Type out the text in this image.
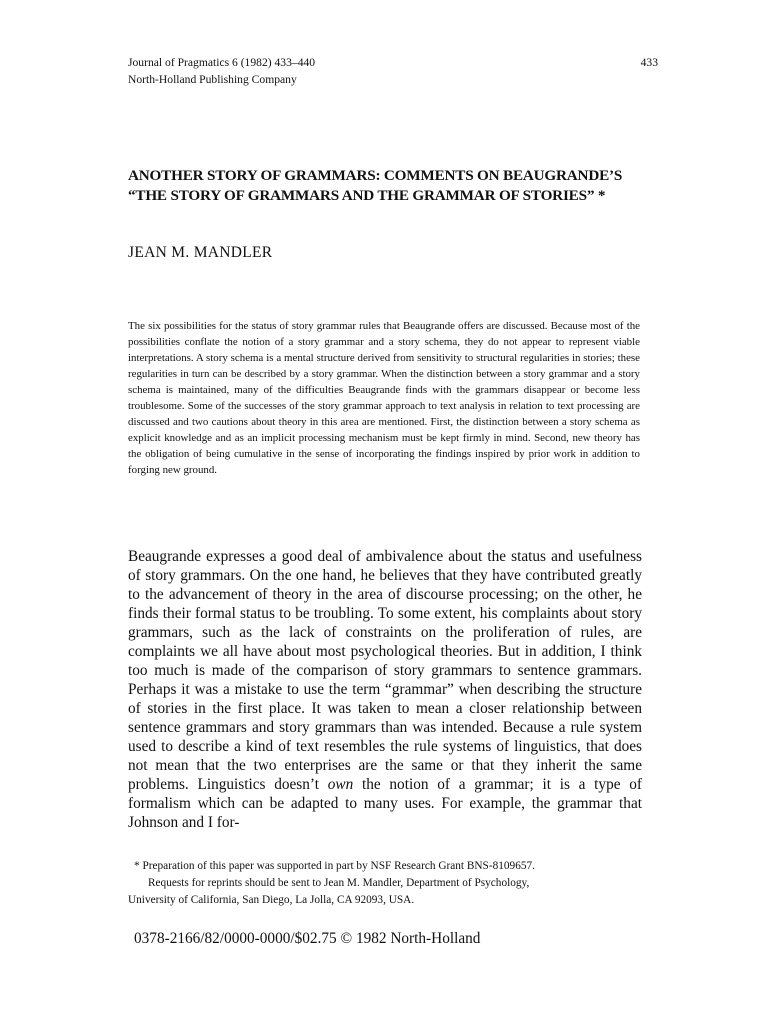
Journal of Pragmatics 6 (1982) 433–440
North-Holland Publishing Company
433
ANOTHER STORY OF GRAMMARS: COMMENTS ON BEAUGRANDE’S
“THE STORY OF GRAMMARS AND THE GRAMMAR OF STORIES” *
JEAN M. MANDLER
The six possibilities for the status of story grammar rules that Beaugrande offers are discussed. Because most of the possibilities conflate the notion of a story grammar and a story schema, they do not appear to represent viable interpretations. A story schema is a mental structure derived from sensitivity to structural regularities in stories; these regularities in turn can be described by a story grammar. When the distinction between a story grammar and a story schema is maintained, many of the difficulties Beaugrande finds with the grammars disappear or become less troublesome. Some of the successes of the story grammar approach to text analysis in relation to text processing are discussed and two cautions about theory in this area are mentioned. First, the distinction between a story schema as explicit knowledge and as an implicit processing mechanism must be kept firmly in mind. Second, new theory has the obligation of being cumulative in the sense of incorporating the findings inspired by prior work in addition to forging new ground.
Beaugrande expresses a good deal of ambivalence about the status and usefulness of story grammars. On the one hand, he believes that they have contributed greatly to the advancement of theory in the area of discourse processing; on the other, he finds their formal status to be troubling. To some extent, his complaints about story grammars, such as the lack of constraints on the proliferation of rules, are complaints we all have about most psychological theories. But in addition, I think too much is made of the comparison of story grammars to sentence grammars. Perhaps it was a mistake to use the term “grammar” when describing the structure of stories in the first place. It was taken to mean a closer relationship between sentence grammars and story grammars than was intended. Because a rule system used to describe a kind of text resembles the rule systems of linguistics, that does not mean that the two enterprises are the same or that they inherit the same problems. Linguistics doesn’t own the notion of a grammar; it is a type of formalism which can be adapted to many uses. For example, the grammar that Johnson and I for-
* Preparation of this paper was supported in part by NSF Research Grant BNS-8109657.
Requests for reprints should be sent to Jean M. Mandler, Department of Psychology,
University of California, San Diego, La Jolla, CA 92093, USA.
0378-2166/82/0000-0000/$02.75 © 1982 North-Holland
